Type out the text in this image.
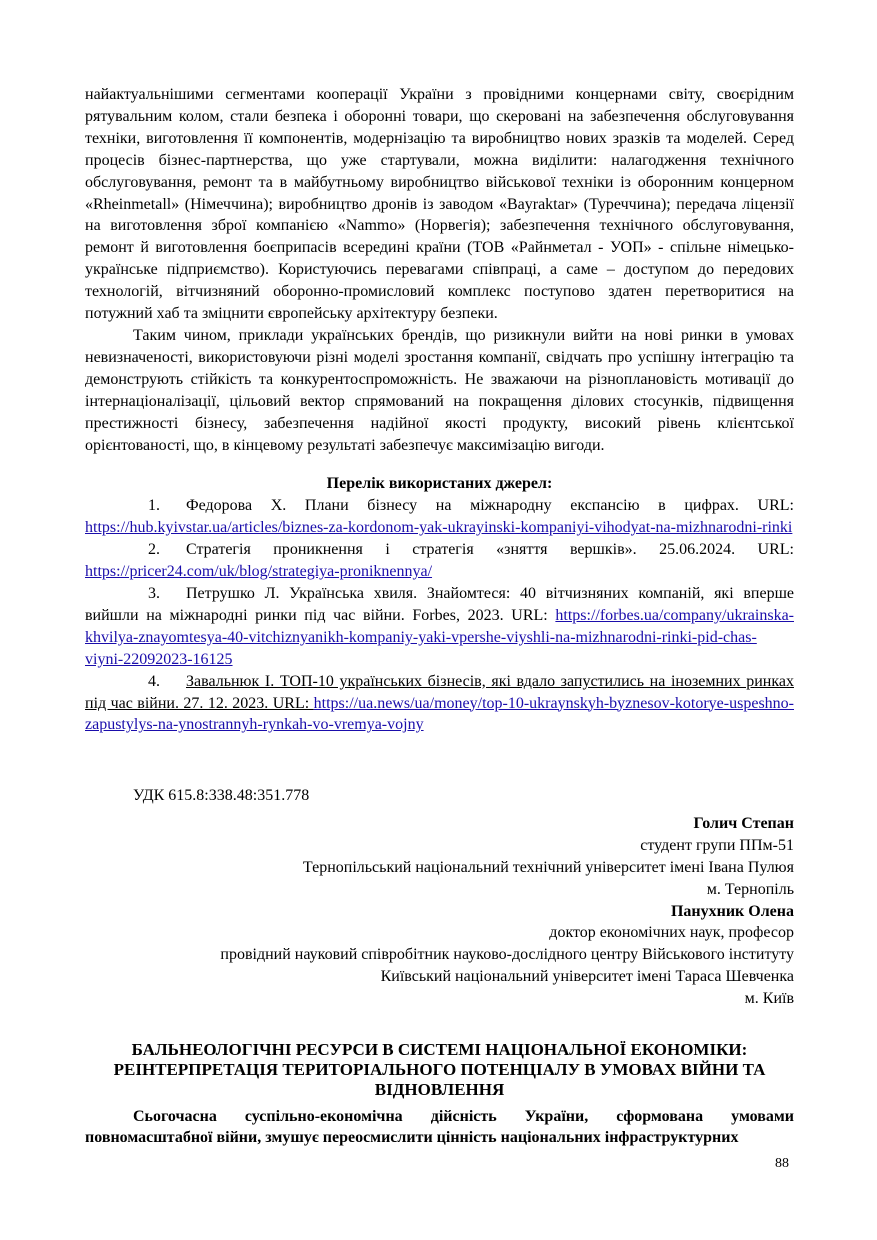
найактуальнішими сегментами кооперації України з провідними концернами світу, своєрідним рятувальним колом, стали безпека і оборонні товари, що скеровані на забезпечення обслуговування техніки, виготовлення її компонентів, модернізацію та виробництво нових зразків та моделей. Серед процесів бізнес-партнерства, що уже стартували, можна виділити: налагодження технічного обслуговування, ремонт та в майбутньому виробництво військової техніки із оборонним концерном «Rheinmetall» (Німеччина); виробництво дронів із заводом «Bayraktar» (Туреччина); передача ліцензії на виготовлення зброї компанією «Nammo» (Норвегія); забезпечення технічного обслуговування, ремонт й виготовлення боєприпасів всередині країни (ТОВ «Райнметал - УОП» - спільне німецько-українське підприємство). Користуючись перевагами співпраці, а саме – доступом до передових технологій, вітчизняний оборонно-промисловий комплекс поступово здатен перетворитися на потужний хаб та зміцнити європейську архітектуру безпеки.

Таким чином, приклади українських брендів, що ризикнули вийти на нові ринки в умовах невизначеності, використовуючи різні моделі зростання компанії, свідчать про успішну інтеграцію та демонструють стійкість та конкурентоспроможність. Не зважаючи на різноплановість мотивації до інтернаціоналізації, цільовий вектор спрямований на покращення ділових стосунків, підвищення престижності бізнесу, забезпечення надійної якості продукту, високий рівень клієнтської орієнтованості, що, в кінцевому результаті забезпечує максимізацію вигоди.

Перелік використаних джерел:
1. Федорова Х. Плани бізнесу на міжнародну експансію в цифрах. URL: https://hub.kyivstar.ua/articles/biznes-za-kordonom-yak-ukrayinski-kompaniyi-vihodyat-na-mizhnarodni-rinki
2. Стратегія проникнення і стратегія «зняття вершків». 25.06.2024. URL: https://pricer24.com/uk/blog/strategiya-proniknennya/
3. Петрушко Л. Українська хвиля. Знайомтеся: 40 вітчизняних компаній, які вперше вийшли на міжнародні ринки під час війни. Forbes, 2023. URL: https://forbes.ua/company/ukrainska-khvilya-znayomtesya-40-vitchiznyanikh-kompaniy-yaki-vpershe-viyshli-na-mizhnarodni-rinki-pid-chas-viyni-22092023-16125
4. Завальнюк І. ТОП-10 українських бізнесів, які вдало запустились на іноземних ринках під час війни. 27. 12. 2023. URL: https://ua.news/ua/money/top-10-ukraynskyh-byznesov-kotorye-uspeshno-zapustylys-na-ynostrannyh-rynkah-vo-vremya-vojny
УДК 615.8:338.48:351.778
Голич Степан
студент групи ППм-51
Тернопільський національний технічний університет імені Івана Пулюя
м. Тернопіль
Панухник Олена
доктор економічних наук, професор
провідний науковий співробітник науково-дослідного центру Військового інституту
Київський національний університет імені Тараса Шевченка
м. Київ
БАЛЬНЕОЛОГІЧНІ РЕСУРСИ В СИСТЕМІ НАЦІОНАЛЬНОЇ ЕКОНОМІКИ:
РЕІНТЕРПРЕТАЦІЯ ТЕРИТОРІАЛЬНОГО ПОТЕНЦІАЛУ В УМОВАХ ВІЙНИ ТА
ВІДНОВЛЕННЯ

Сьогочасна суспільно-економічна дійсність України, сформована умовами повномасштабної війни, змушує переосмислити цінність національних інфраструктурних

88
